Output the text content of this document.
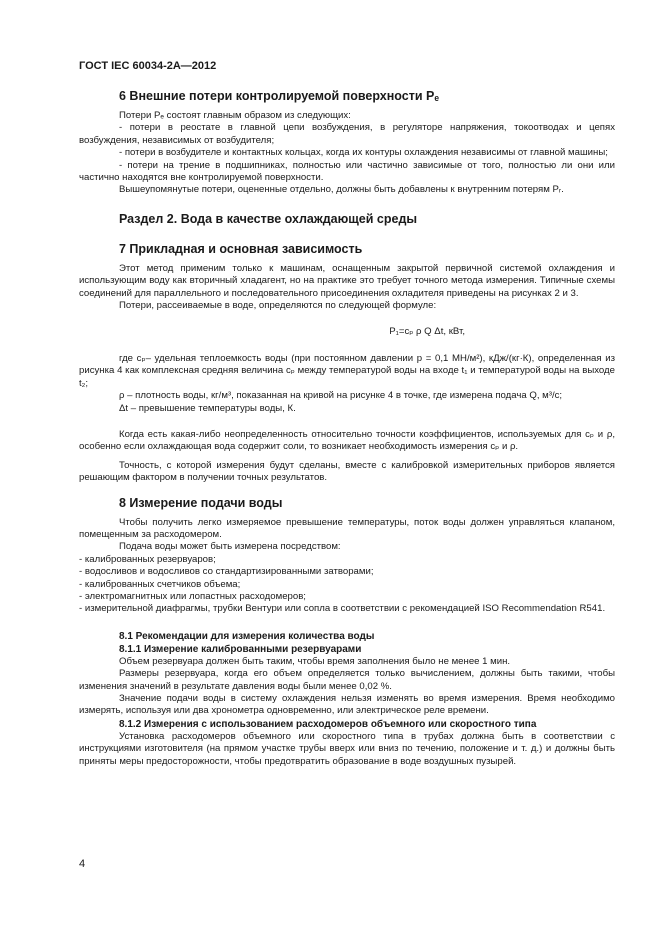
ГОСТ IEC 60034-2А—2012
6 Внешние потери контролируемой поверхности Pₑ

Потери Pₑ состоят главным образом из следующих:

- потери в реостате в главной цепи возбуждения, в регуляторе напряжения, токоотводах и цепях возбуждения, независимых от возбудителя;

- потери в возбудителе и контактных кольцах, когда их контуры охлаждения независимы от главной машины;

- потери на трение в подшипниках, полностью или частично зависимые от того, полностью ли они или частично находятся вне контролируемой поверхности.

Вышеупомянутые потери, оцененные отдельно, должны быть добавлены к внутренним потерям Pᵣ.

Раздел 2. Вода в качестве охлаждающей среды
7 Прикладная и основная зависимость

Этот метод применим только к машинам, оснащенным закрытой первичной системой охлаждения и использующим воду как вторичный хладагент, но на практике это требует точного метода измерения. Типичные схемы соединений для параллельного и последовательного присоединения охладителя приведены на рисунках 2 и 3.

Потери, рассеиваемые в воде, определяются по следующей формуле:

P₁=cₚ ρ Q Δt, кВт,

где cₚ– удельная теплоемкость воды (при постоянном давлении p = 0,1 МН/м²), кДж/(кг·К), определенная из рисунка 4 как комплексная средняя величина cₚ между температурой воды на входе t₁ и температурой воды на выходе t₂;

ρ – плотность воды, кг/м³, показанная на кривой на рисунке 4 в точке, где измерена подача Q, м³/с;

Δt – превышение температуры воды, К.

Когда есть какая-либо неопределенность относительно точности коэффициентов, используемых для cₚ и ρ, особенно если охлаждающая вода содержит соли, то возникает необходимость измерения cₚ и ρ.

Точность, с которой измерения будут сделаны, вместе с калибровкой измерительных приборов является решающим фактором в получении точных результатов.

8 Измерение подачи воды

Чтобы получить легко измеряемое превышение температуры, поток воды должен управляться клапаном, помещенным за расходомером.

Подача воды может быть измерена посредством:

- калиброванных резервуаров;

- водосливов и водосливов со стандартизированными затворами;

- калиброванных счетчиков объема;

- электромагнитных или лопастных расходомеров;

- измерительной диафрагмы, трубки Вентури или сопла в соответствии с рекомендацией ISO Recommendation R541.

8.1 Рекомендации для измерения количества воды
8.1.1 Измерение калиброванными резервуарами

Объем резервуара должен быть таким, чтобы время заполнения было не менее 1 мин.

Размеры резервуара, когда его объем определяется только вычислением, должны быть такими, чтобы изменения значений в результате давления воды были менее 0,02 %.

Значение подачи воды в систему охлаждения нельзя изменять во время измерения. Время необходимо измерять, используя или два хронометра одновременно, или электрическое реле времени.

8.1.2 Измерения с использованием расходомеров объемного или скоростного типа

Установка расходомеров объемного или скоростного типа в трубах должна быть в соответствии с инструкциями изготовителя (на прямом участке трубы вверх или вниз по течению, положение и т. д.) и должны быть приняты меры предосторожности, чтобы предотвратить образование в воде воздушных пузырей.

4
